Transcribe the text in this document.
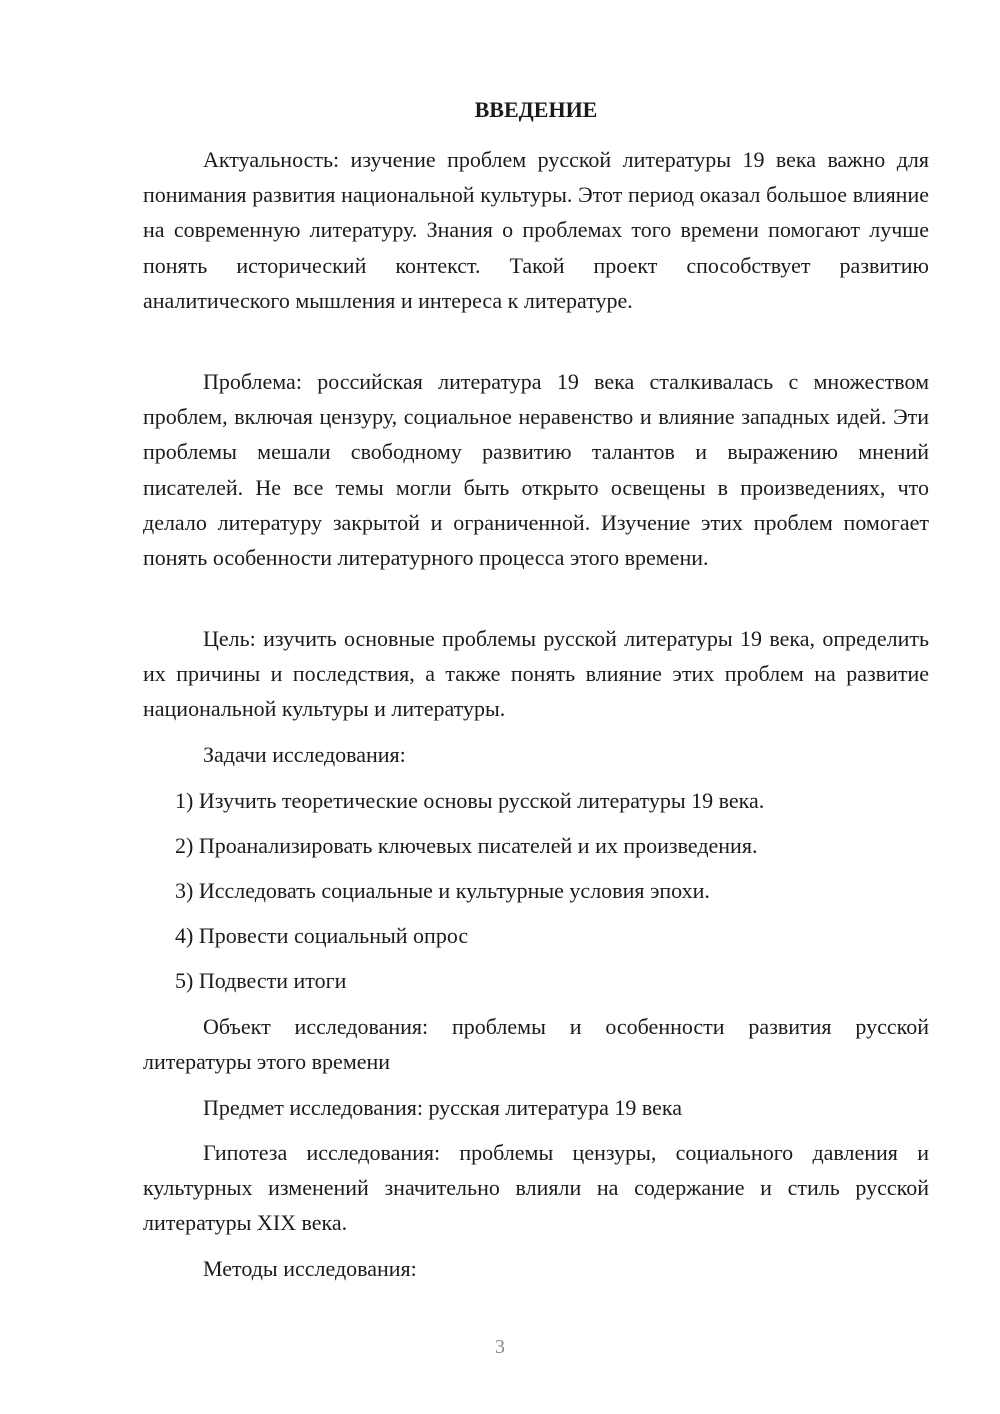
ВВЕДЕНИЕ

Актуальность: изучение проблем русской литературы 19 века важно для понимания развития национальной культуры. Этот период оказал большое влияние на современную литературу. Знания о проблемах того времени помогают лучше понять исторический контекст. Такой проект способствует развитию аналитического мышления и интереса к литературе.

Проблема: российская литература 19 века сталкивалась с множеством проблем, включая цензуру, социальное неравенство и влияние западных идей. Эти проблемы мешали свободному развитию талантов и выражению мнений писателей. Не все темы могли быть открыто освещены в произведениях, что делало литературу закрытой и ограниченной. Изучение этих проблем помогает понять особенности литературного процесса этого времени.

Цель: изучить основные проблемы русской литературы 19 века, определить их причины и последствия, а также понять влияние этих проблем на развитие национальной культуры и литературы.

Задачи исследования:

1) Изучить теоретические основы русской литературы 19 века.

2) Проанализировать ключевых писателей и их произведения.

3) Исследовать социальные и культурные условия эпохи.

4) Провести социальный опрос

5) Подвести итоги

Объект исследования: проблемы и особенности развития русской литературы этого времени

Предмет исследования: русская литература 19 века

Гипотеза исследования: проблемы цензуры, социального давления и культурных изменений значительно влияли на содержание и стиль русской литературы XIX века.

Методы исследования:

3
